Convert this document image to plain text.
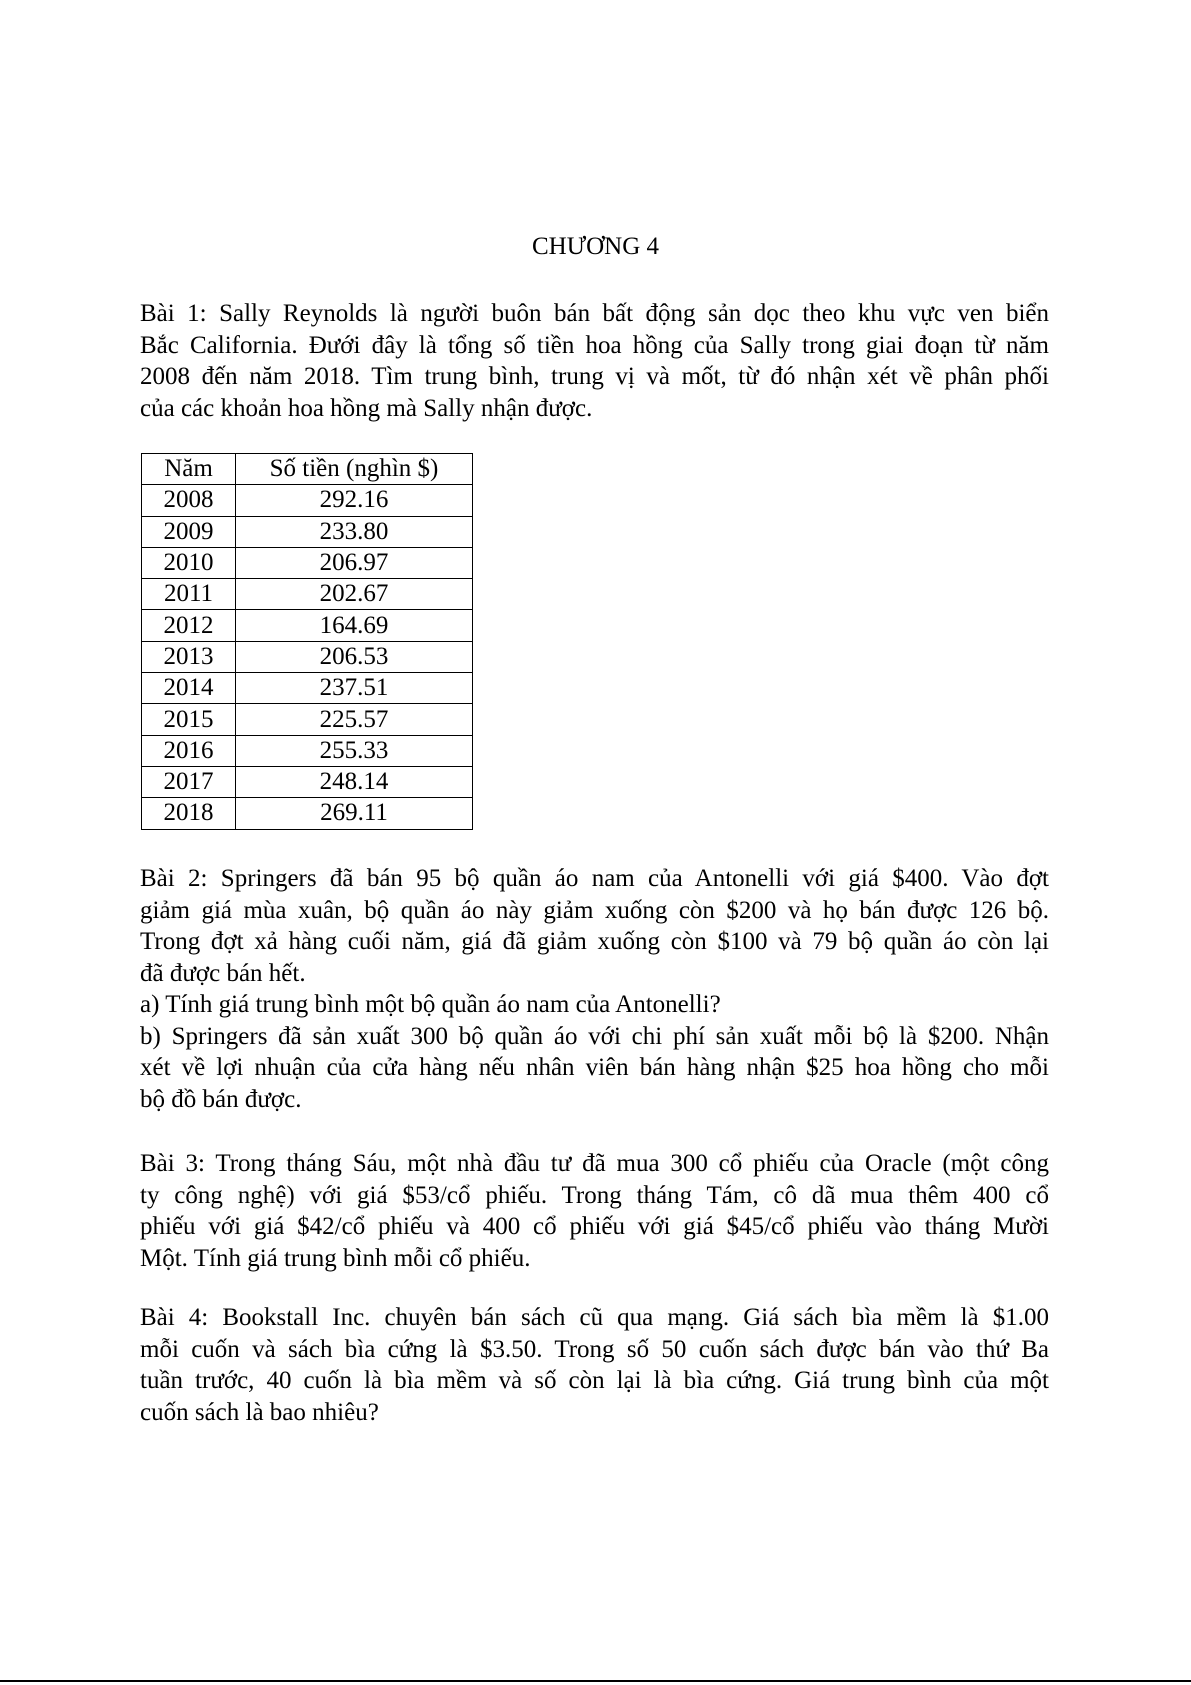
CHƯƠNG 4
Bài 1: Sally Reynolds là người buôn bán bất động sản dọc theo khu vực ven biển
Bắc California. Đưới đây là tổng số tiền hoa hồng của Sally trong giai đoạn từ năm
2008 đến năm 2018. Tìm trung bình, trung vị và mốt, từ đó nhận xét về phân phối
của các khoản hoa hồng mà Sally nhận được.
Năm	Số tiền (nghìn $)
2008	292.16
2009	233.80
2010	206.97
2011	202.67
2012	164.69
2013	206.53
2014	237.51
2015	225.57
2016	255.33
2017	248.14
2018	269.11
Bài 2: Springers đã bán 95 bộ quần áo nam của Antonelli với giá $400. Vào đợt
giảm giá mùa xuân, bộ quần áo này giảm xuống còn $200 và họ bán được 126 bộ.
Trong đợt xả hàng cuối năm, giá đã giảm xuống còn $100 và 79 bộ quần áo còn lại
đã được bán hết.
a) Tính giá trung bình một bộ quần áo nam của Antonelli?
b) Springers đã sản xuất 300 bộ quần áo với chi phí sản xuất mỗi bộ là $200. Nhận
xét về lợi nhuận của cửa hàng nếu nhân viên bán hàng nhận $25 hoa hồng cho mỗi
bộ đồ bán được.
Bài 3: Trong tháng Sáu, một nhà đầu tư đã mua 300 cổ phiếu của Oracle (một công
ty công nghệ) với giá $53/cổ phiếu. Trong tháng Tám, cô dã mua thêm 400 cổ
phiếu với giá $42/cổ phiếu và 400 cổ phiếu với giá $45/cổ phiếu vào tháng Mười
Một. Tính giá trung bình mỗi cổ phiếu.
Bài 4: Bookstall Inc. chuyên bán sách cũ qua mạng. Giá sách bìa mềm là $1.00
mỗi cuốn và sách bìa cứng là $3.50. Trong số 50 cuốn sách được bán vào thứ Ba
tuần trước, 40 cuốn là bìa mềm và số còn lại là bìa cứng. Giá trung bình của một
cuốn sách là bao nhiêu?
